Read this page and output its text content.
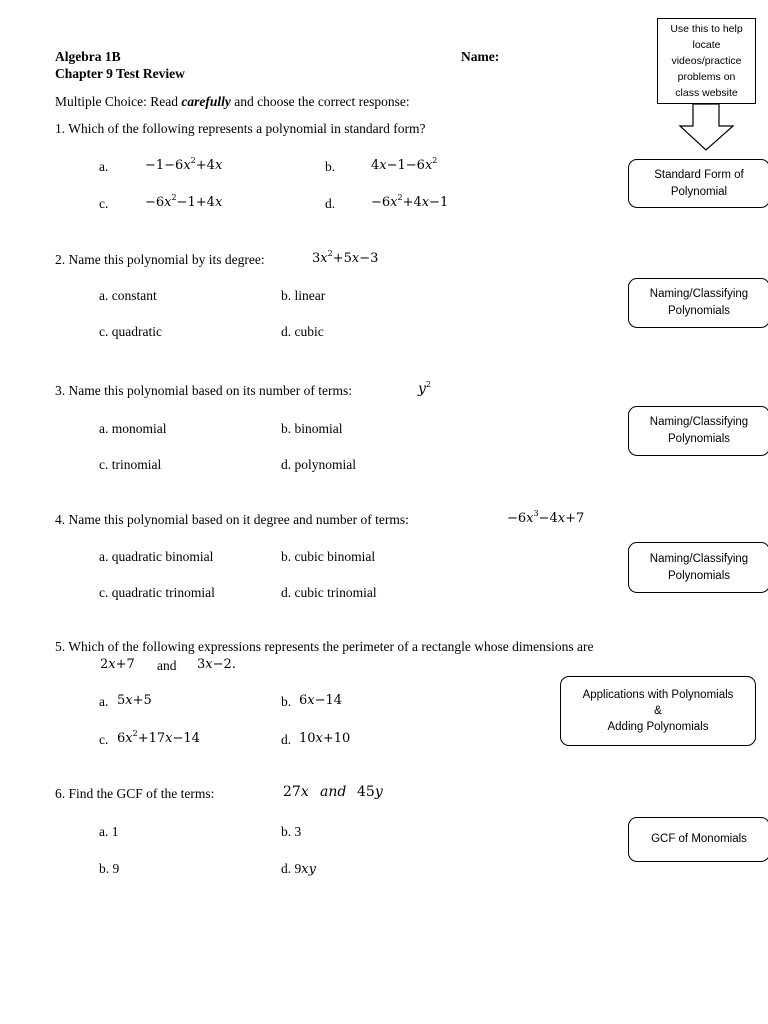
Algebra 1B
Chapter 9 Test Review
Name:
Use this to help
locate
videos/practice
problems on
class website
Multiple Choice: Read carefully and choose the correct response:
1. Which of the following represents a polynomial in standard form?
a.	$-1-6x^2+4x$	b.	$4x-1-6x^2$
c.	$-6x^2-1+4x$	d.	$-6x^2+4x-1$
Standard Form of
Polynomial
2. Name this polynomial by its degree:	$3x^2+5x-3$
a. constant	b. linear
c. quadratic	d. cubic
Naming/Classifying
Polynomials
3. Name this polynomial based on its number of terms:	$y^2$
a. monomial	b. binomial
c. trinomial	d. polynomial
Naming/Classifying
Polynomials
4. Name this polynomial based on it degree and number of terms:	$-6x^3-4x+7$
a. quadratic binomial	b. cubic binomial
c. quadratic trinomial	d. cubic trinomial
Naming/Classifying
Polynomials
5. Which of the following expressions represents the perimeter of a rectangle whose dimensions are
2x+7 and 3x−2.
a. 5x+5	b. 6x−14
c. $6x^2+17x-14$	d. 10x+10
Applications with Polynomials
&
Adding Polynomials
6. Find the GCF of the terms:	27x and 45y
a. 1	b. 3
b. 9	d. 9xy
GCF of Monomials
